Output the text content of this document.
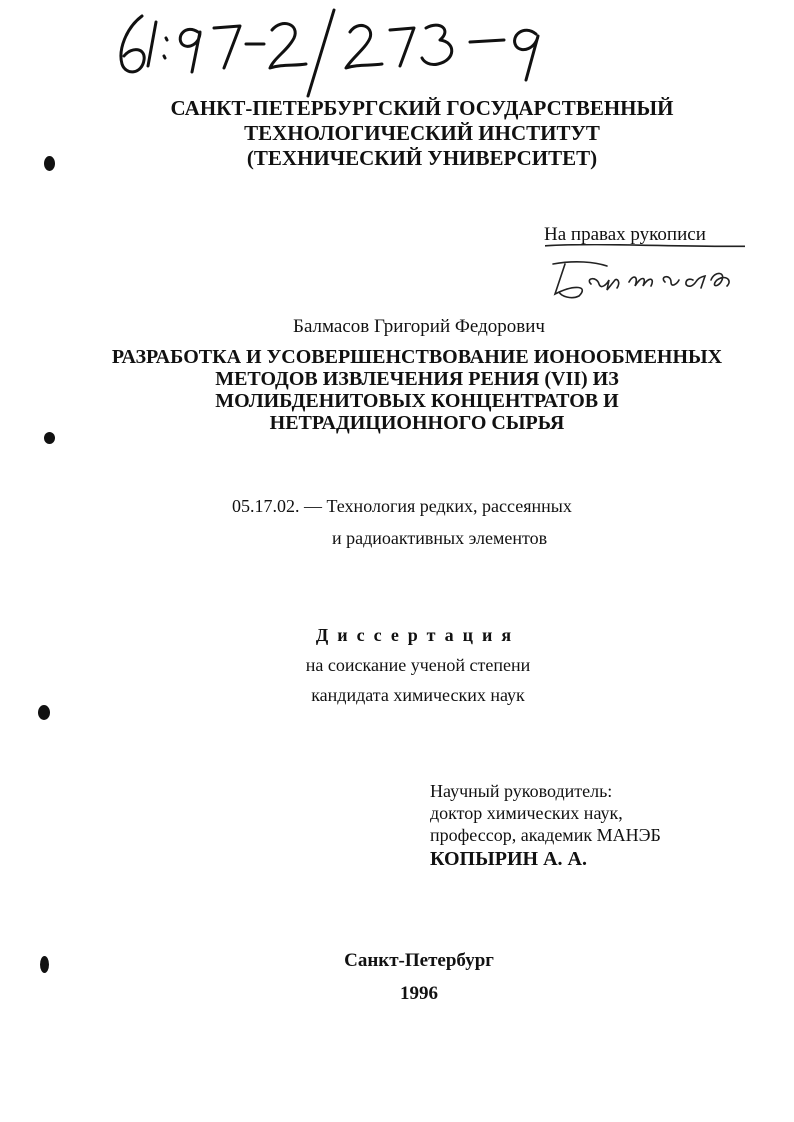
САНКТ-ПЕТЕРБУРГСКИЙ ГОСУДАРСТВЕННЫЙ
ТЕХНОЛОГИЧЕСКИЙ ИНСТИТУТ
(ТЕХНИЧЕСКИЙ УНИВЕРСИТЕТ)
На правах рукописи
Балмасов Григорий Федорович
РАЗРАБОТКА И УСОВЕРШЕНСТВОВАНИЕ ИОНООБМЕННЫХ
МЕТОДОВ ИЗВЛЕЧЕНИЯ РЕНИЯ (VII) ИЗ
МОЛИБДЕНИТОВЫХ КОНЦЕНТРАТОВ И
НЕТРАДИЦИОННОГО СЫРЬЯ
05.17.02. — Технология редких, рассеянных
и радиоактивных элементов
Диссертация
на соискание ученой степени
кандидата химических наук
Научный руководитель:
доктор химических наук,
профессор, академик МАНЭБ
КОПЫРИН А. А.
Санкт-Петербург
1996
